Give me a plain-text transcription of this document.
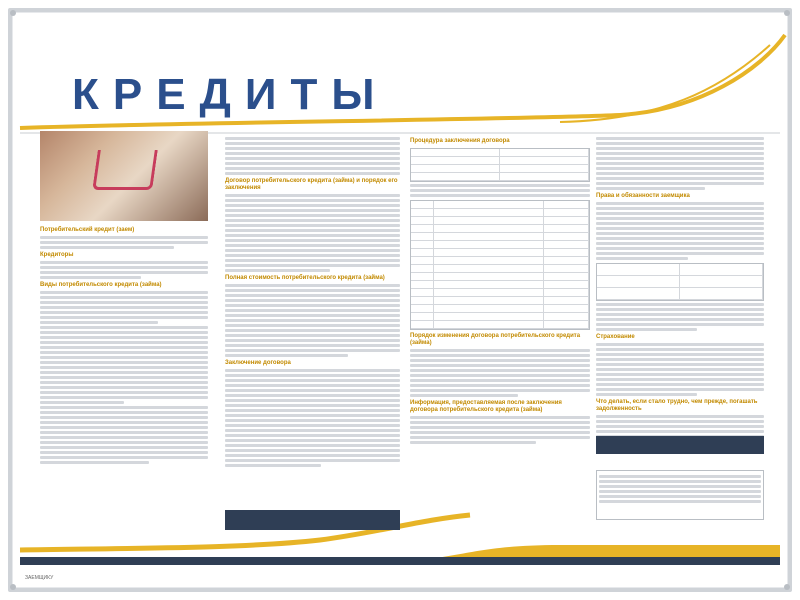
КРЕДИТЫ
Потребительский кредит (заем)
Кредиторы
Виды потребительского кредита (займа)
Договор потребительского кредита (займа) и порядок его заключения
Полная стоимость потребительского кредита (займа)
Заключение договора
Процедура заключения договора
Порядок изменения договора потребительского кредита (займа)
Информация, предоставляемая после заключения договора потребительского кредита (займа)
Права и обязанности заемщика
Страхование
Что делать, если стало трудно, чем прежде, погашать задолженность
ЗАЕМЩИКУ
